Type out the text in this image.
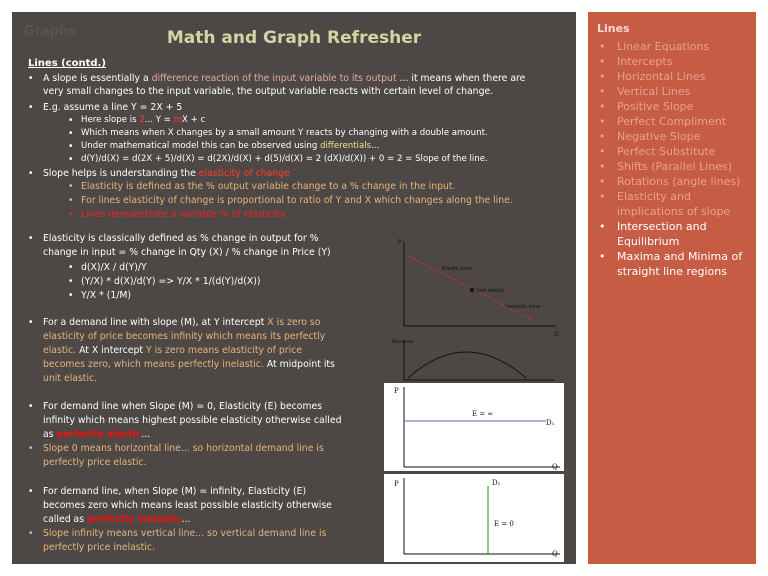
Graphs	Math and Graph Refresher
Lines (contd.)
• A slope is essentially a difference reaction of the input variable to its output ... it means when there are
very small changes to the input variable, the output variable reacts with certain level of change.
• E.g. assume a line Y = 2X + 5
• Here slope is 2... Y = mX + c
• Which means when X changes by a small amount Y reacts by changing with a double amount.
• Under mathematical model this can be observed using differentials...
• d(Y)/d(X) = d(2X + 5)/d(X) = d(2X)/d(X) + d(5)/d(X) = 2 (dX)/d(X)) + 0 = 2 = Slope of the line.
• Slope helps is understanding the elasticity of change
• Elasticity is defined as the % output variable change to a % change in the input.
• For lines elasticity of change is proportional to ratio of Y and X which changes along the line.
• Lines demonstrate a variable % of elasticity.
• Elasticity is classically defined as % change in output for %
change in input = % change in Qty (X) / % change in Price (Y)
• d(X)/X / d(Y)/Y
• (Y/X) * d(X)/d(Y) => Y/X * 1/(d(Y)/d(X))
• Y/X * (1/M)
• For a demand line with slope (M), at Y intercept X is zero so
elasticity of price becomes infinity which means its perfectly
elastic. At X intercept Y is zero means elasticity of price
becomes zero, which means perfectly inelastic. At midpoint its
unit elastic.
• For demand line when Slope (M) = 0, Elasticity (E) becomes
infinity which means highest possible elasticity otherwise called
as perfectly elastic...
• Slope 0 means horizontal line... so horizontal demand line is
perfectly price elastic.
• For demand line, when Slope (M) = infinity, Elasticity (E)
becomes zero which means least possible elasticity otherwise
called as perfectly inelastic...
• Slope infinity means vertical line... so vertical demand line is
perfectly price inelastic.
P
Q
Elastic zone
Unit elastic
Inelastic zone
Revenue
Decreasing Price
P
Q
E = ∞
D₁
P
Q
E = 0
D₁
Lines
•	Linear Equations
•	Intercepts
•	Horizontal Lines
•	Vertical Lines
•	Positive Slope
•	Perfect Compliment
•	Negative Slope
•	Perfect Substitute
•	Shifts (Parallel Lines)
•	Rotations (angle lines)
•	Elasticity and implications of slope
•	Intersection and Equilibrium
•	Maxima and Minima of straight line regions
